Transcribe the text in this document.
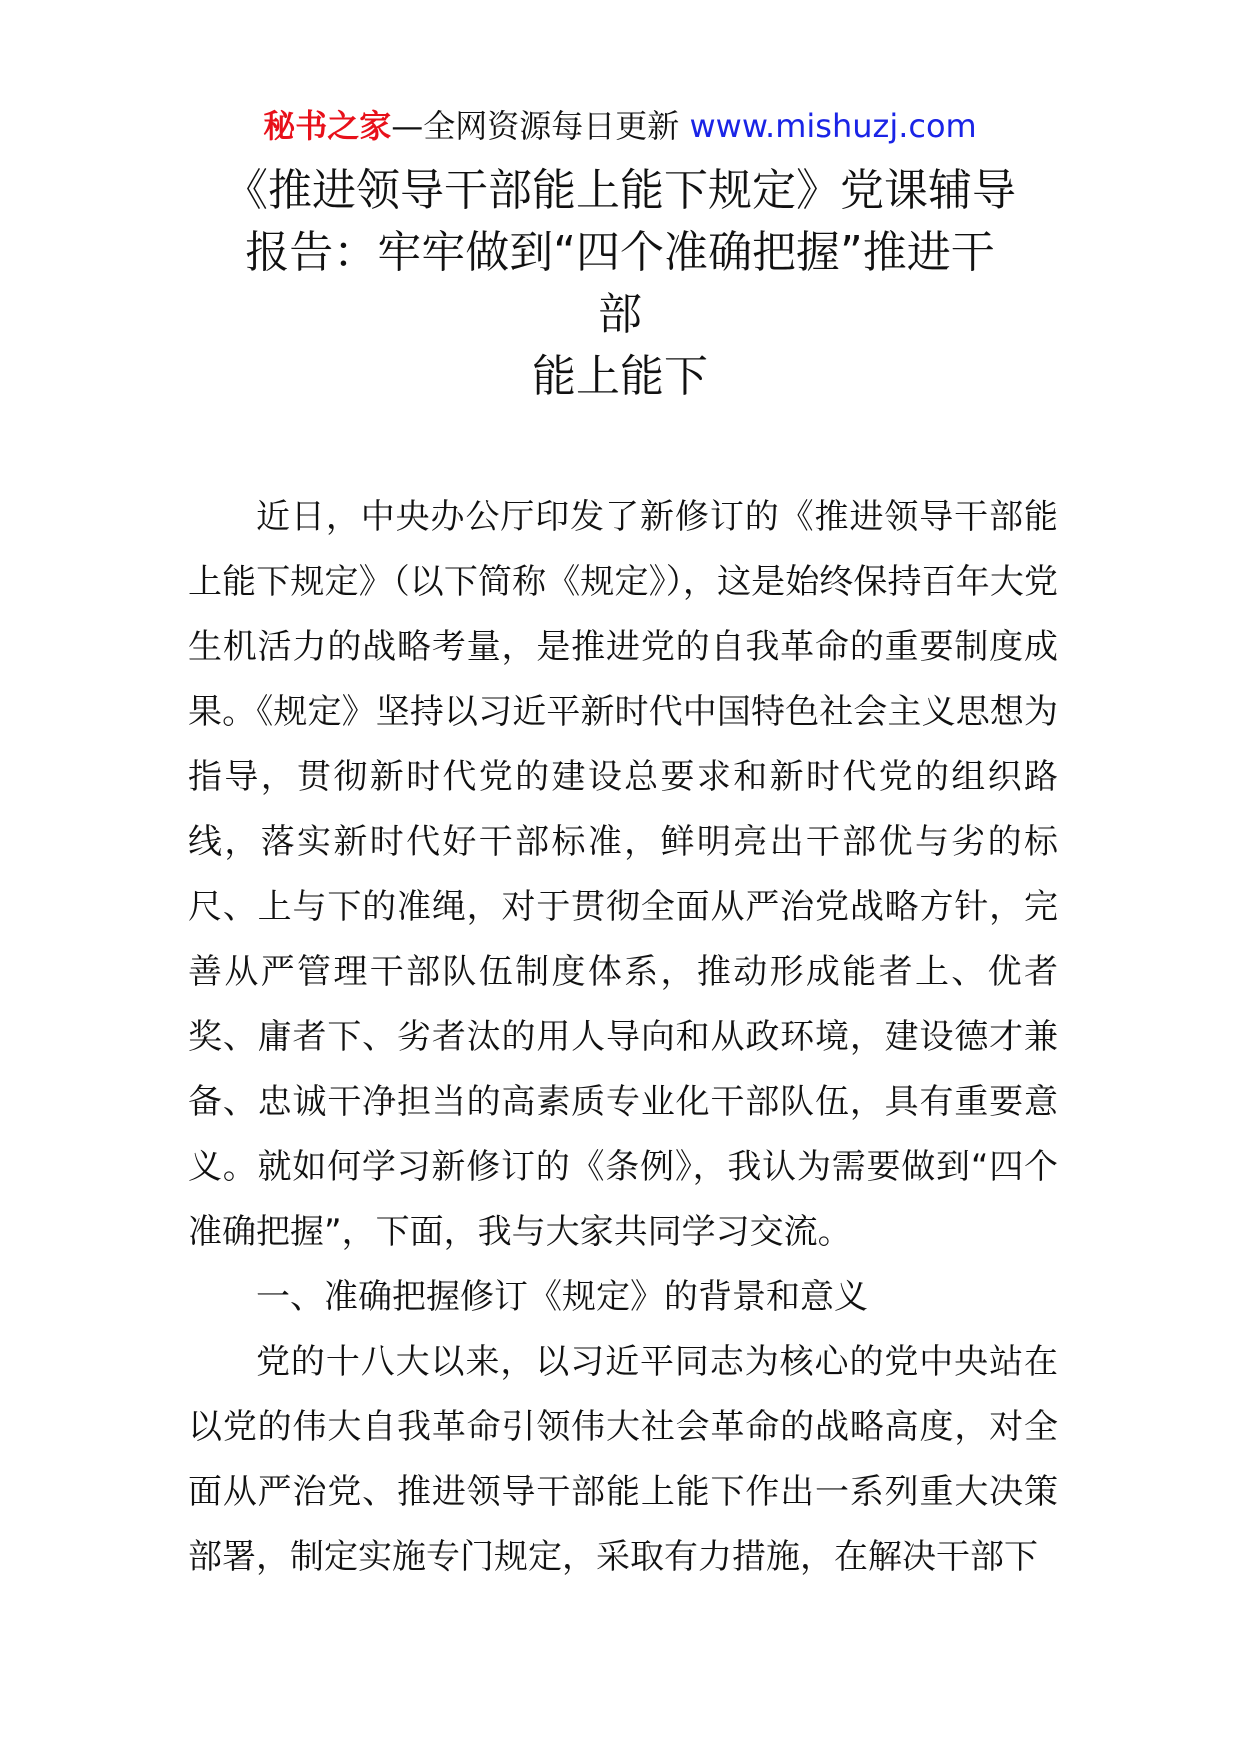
秘书之家—全网资源每日更新 www.mishuzj.com
《推进领导干部能上能下规定》党课辅导
报告：牢牢做到“四个准确把握”推进干
部
能上能下

近日，中央办公厅印发了新修订的《推进领导干部能上能下规定》（以下简称《规定》），这是始终保持百年大党生机活力的战略考量，是推进党的自我革命的重要制度成果。《规定》坚持以习近平新时代中国特色社会主义思想为指导，贯彻新时代党的建设总要求和新时代党的组织路线，落实新时代好干部标准，鲜明亮出干部优与劣的标尺、上与下的准绳，对于贯彻全面从严治党战略方针，完善从严管理干部队伍制度体系，推动形成能者上、优者奖、庸者下、劣者汰的用人导向和从政环境，建设德才兼备、忠诚干净担当的高素质专业化干部队伍，具有重要意义。就如何学习新修订的《条例》，我认为需要做到“四个准确把握”，下面，我与大家共同学习交流。

一、准确把握修订《规定》的背景和意义

党的十八大以来，以习近平同志为核心的党中央站在以党的伟大自我革命引领伟大社会革命的战略高度，对全面从严治党、推进领导干部能上能下作出一系列重大决策部署，制定实施专门规定，采取有力措施，在解决干部下
